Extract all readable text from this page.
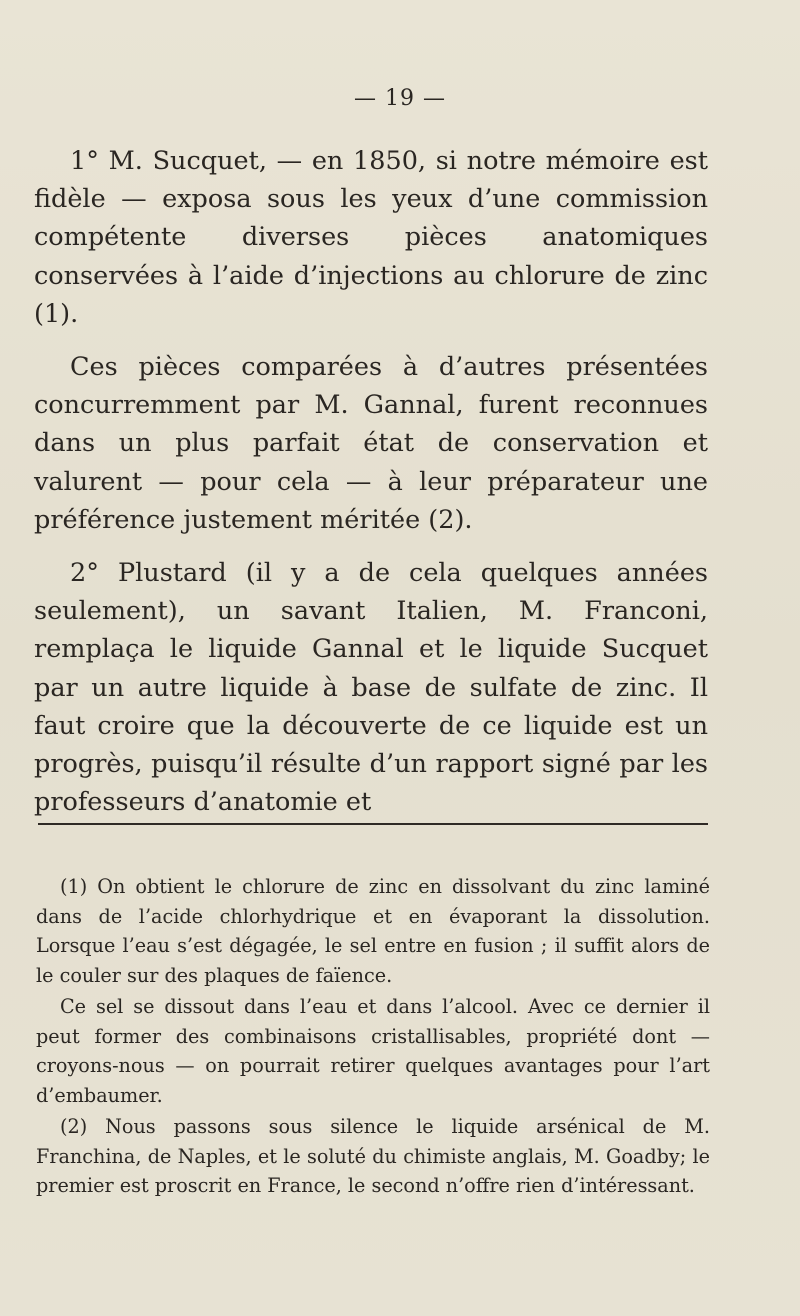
— 19 —

1° M. Sucquet, — en 1850, si notre mémoire est fidèle — exposa sous les yeux d’une commission compétente diverses pièces anatomiques conservées à l’aide d’injections au chlorure de zinc (1).

Ces pièces comparées à d’autres présentées concurremment par M. Gannal, furent reconnues dans un plus parfait état de conservation et valurent — pour cela — à leur préparateur une préférence justement méritée (2).

2° Plustard (il y a de cela quelques années seulement), un savant Italien, M. Franconi, remplaça le liquide Gannal et le liquide Sucquet par un autre liquide à base de sulfate de zinc. Il faut croire que la découverte de ce liquide est un progrès, puisqu’il résulte d’un rapport signé par les professeurs d’anatomie et

(1) On obtient le chlorure de zinc en dissolvant du zinc laminé dans de l’acide chlorhydrique et en évaporant la dissolution. Lorsque l’eau s’est dégagée, le sel entre en fusion ; il suffit alors de le couler sur des plaques de faïence.

Ce sel se dissout dans l’eau et dans l’alcool. Avec ce dernier il peut former des combinaisons cristallisables, propriété dont — croyons-nous — on pourrait retirer quelques avantages pour l’art d’embaumer.

(2) Nous passons sous silence le liquide arsénical de M. Franchina, de Naples, et le soluté du chimiste anglais, M. Goadby; le premier est proscrit en France, le second n’offre rien d’intéressant.
